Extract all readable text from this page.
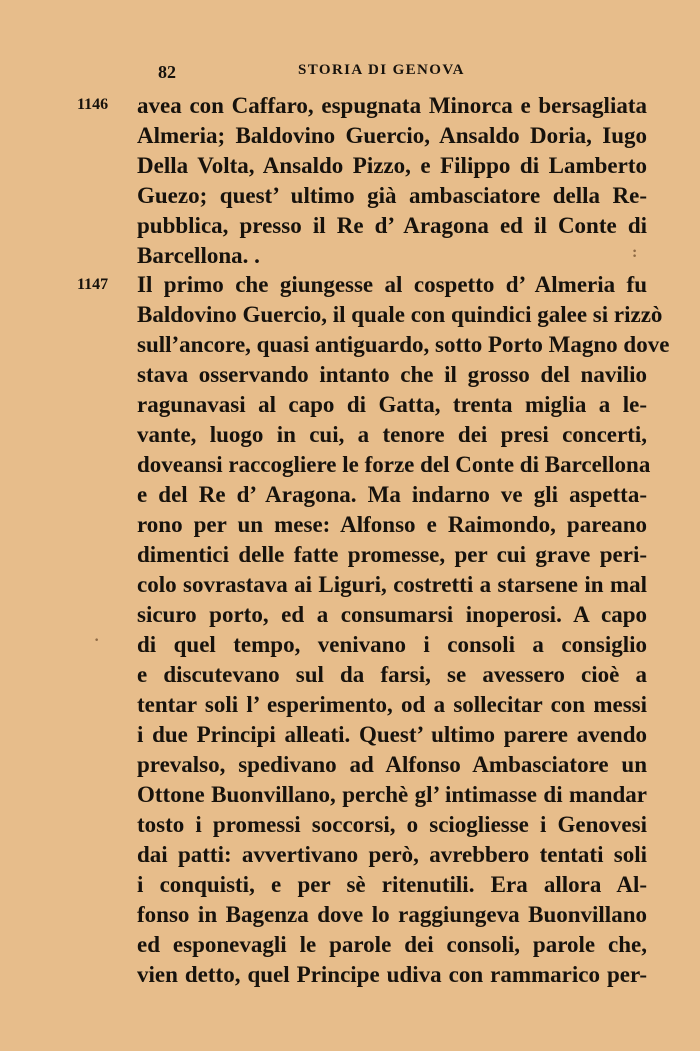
82	STORIA DI GENOVA
1146
1147
avea con Caffaro, espugnata Minorca e bersagliata
Almeria; Baldovino Guercio, Ansaldo Doria, Iugo
Della Volta, Ansaldo Pizzo, e Filippo di Lamberto
Guezo; quest’ ultimo già ambasciatore della Re-
pubblica, presso il Re d’ Aragona ed il Conte di
Barcellona. .	:
Il primo che giungesse al cospetto d’ Almeria fu
Baldovino Guercio, il quale con quindici galee si rizzò
sull’ancore, quasi antiguardo, sotto Porto Magno dove
stava osservando intanto che il grosso del navilio
ragunavasi al capo di Gatta, trenta miglia a le-
vante, luogo in cui, a tenore dei presi concerti,
doveansi raccogliere le forze del Conte di Barcellona
e del Re d’ Aragona. Ma indarno ve gli aspetta-
rono per un mese: Alfonso e Raimondo, pareano
dimentici delle fatte promesse, per cui grave peri-
colo sovrastava ai Liguri, costretti a starsene in mal
sicuro porto, ed a consumarsi inoperosi. A capo
di quel tempo, venivano i consoli a consiglio
·
e discutevano sul da farsi, se avessero cioè a
tentar soli l’ esperimento, od a sollecitar con messi
i due Principi alleati. Quest’ ultimo parere avendo
prevalso, spedivano ad Alfonso Ambasciatore un
Ottone Buonvillano, perchè gl’ intimasse di mandar
tosto i promessi soccorsi, o sciogliesse i Genovesi
dai patti: avvertivano però, avrebbero tentati soli
i conquisti, e per sè ritenutili. Era allora Al-
fonso in Bagenza dove lo raggiungeva Buonvillano
ed esponevagli le parole dei consoli, parole che,
vien detto, quel Principe udiva con rammarico per-
